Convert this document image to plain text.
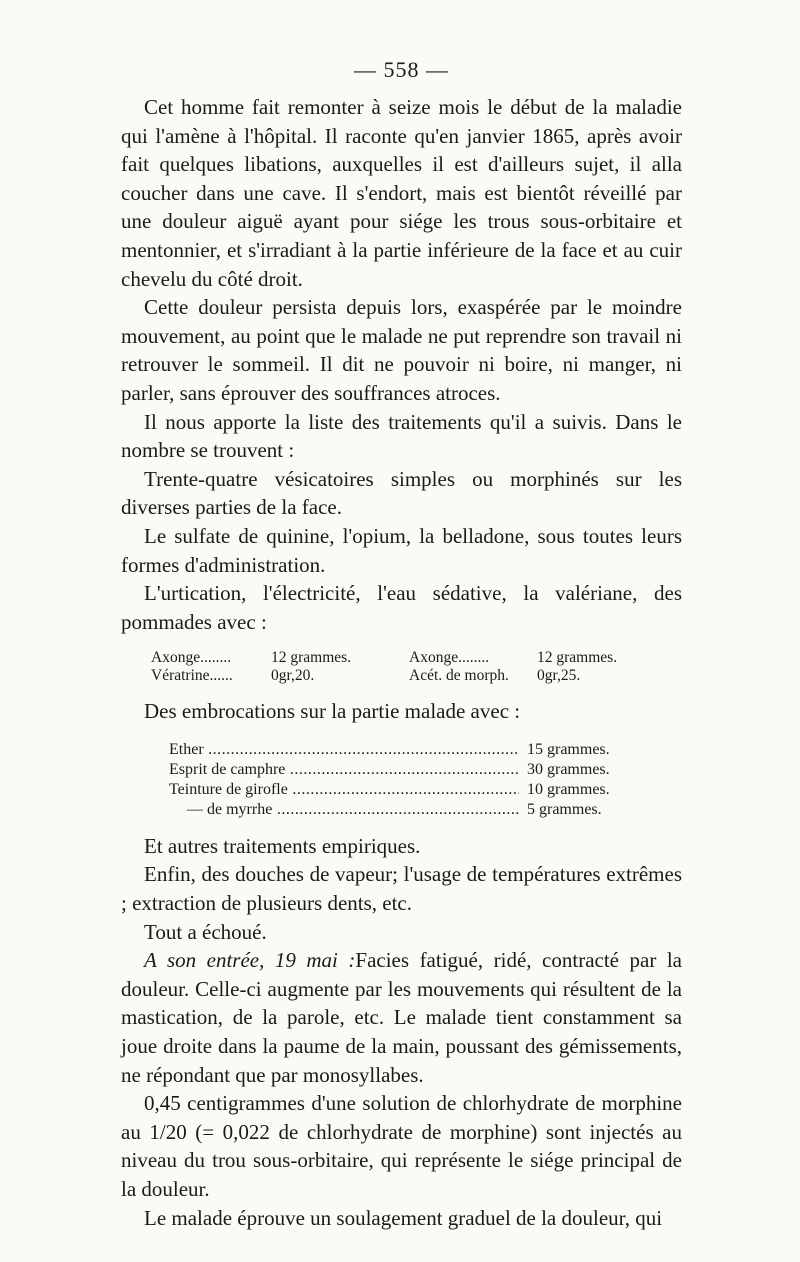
— 558 —

Cet homme fait remonter à seize mois le début de la maladie qui l'amène à l'hôpital. Il raconte qu'en janvier 1865, après avoir fait quelques libations, auxquelles il est d'ailleurs sujet, il alla coucher dans une cave. Il s'endort, mais est bientôt réveillé par une douleur aiguë ayant pour siége les trous sous-orbitaire et mentonnier, et s'irradiant à la partie inférieure de la face et au cuir chevelu du côté droit.

Cette douleur persista depuis lors, exaspérée par le moindre mouvement, au point que le malade ne put reprendre son travail ni retrouver le sommeil. Il dit ne pouvoir ni boire, ni manger, ni parler, sans éprouver des souffrances atroces.

Il nous apporte la liste des traitements qu'il a suivis. Dans le nombre se trouvent :

Trente-quatre vésicatoires simples ou morphinés sur les diverses parties de la face.

Le sulfate de quinine, l'opium, la belladone, sous toutes leurs formes d'administration.

L'urtication, l'électricité, l'eau sédative, la valériane, des pommades avec :

Axonge........	12 grammes.	Axonge........	12 grammes.
Vératrine......	0gr,20.	Acét. de morph.	0gr,25.

Des embrocations sur la partie malade avec :

Ether .....	15 grammes.
Esprit de camphre .....	30 grammes.
Teinture de girofle .....	10 grammes.
— de myrrhe .....	5 grammes.

Et autres traitements empiriques.

Enfin, des douches de vapeur; l'usage de températures extrêmes ; extraction de plusieurs dents, etc.

Tout a échoué.

A son entrée, 19 mai :Facies fatigué, ridé, contracté par la douleur. Celle-ci augmente par les mouvements qui résultent de la mastication, de la parole, etc. Le malade tient constamment sa joue droite dans la paume de la main, poussant des gémissements, ne répondant que par monosyllabes.

0,45 centigrammes d'une solution de chlorhydrate de morphine au 1/20 (= 0,022 de chlorhydrate de morphine) sont injectés au niveau du trou sous-orbitaire, qui représente le siége principal de la douleur.

Le malade éprouve un soulagement graduel de la douleur, qui
